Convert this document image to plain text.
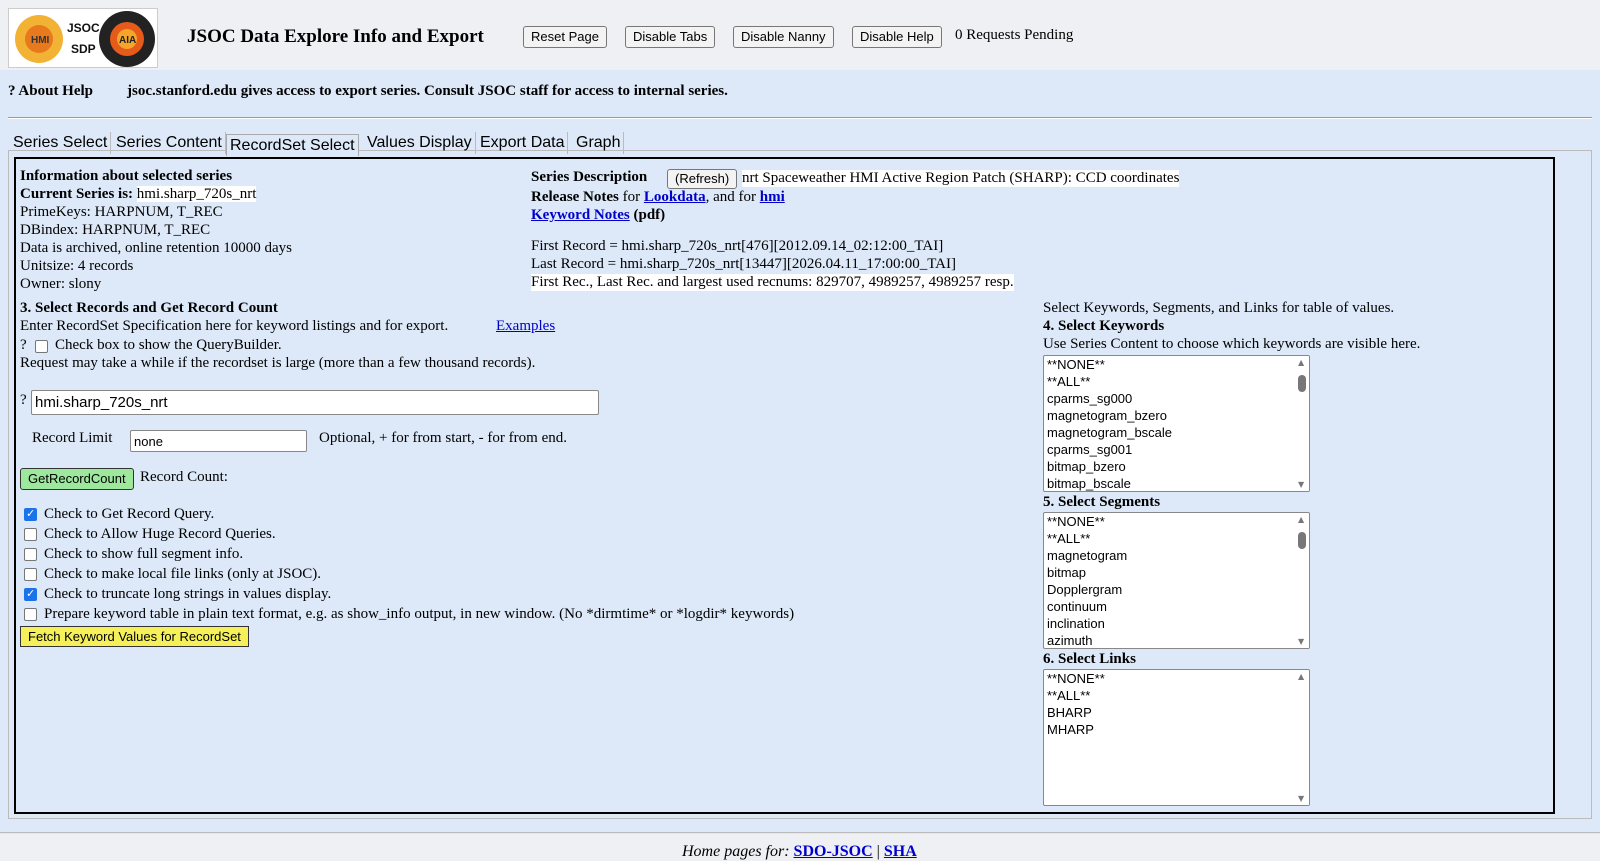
HMI
JSOC
SDP
AIA	JSOC Data Explore Info and Export	Reset Page	Disable Tabs	Disable Nanny	Disable Help	0 Requests Pending
? About Help jsoc.stanford.edu gives access to export series. Consult JSOC staff for access to internal series.
Series Select Series Content RecordSet Select Values Display Export Data Graph
Information about selected series
Current Series is: hmi.sharp_720s_nrt
PrimeKeys: HARPNUM, T_REC
DBindex: HARPNUM, T_REC
Data is archived, online retention 10000 days
Unitsize: 4 records
Owner: slony
Series Description	(Refresh) nrt Spaceweather HMI Active Region Patch (SHARP): CCD coordinates
Release Notes for Lookdata, and for hmi
Keyword Notes (pdf)
First Record = hmi.sharp_720s_nrt[476][2012.09.14_02:12:00_TAI]
Last Record = hmi.sharp_720s_nrt[13447][2026.04.11_17:00:00_TAI]
First Rec., Last Rec. and largest used recnums: 829707, 4989257, 4989257 resp.
3. Select Records and Get Record Count
Enter RecordSet Specification here for keyword listings and for export.	Examples
? Check box to show the QueryBuilder.
Request may take a while if the recordset is large (more than a few thousand records).
?
hmi.sharp_720s_nrt
Record Limit
none	Optional, + for from start, - for from end.
GetRecordCount Record Count:
✓
Check to Get Record Query.
Check to Allow Huge Record Queries.
Check to show full segment info.
Check to make local file links (only at JSOC).
✓
Check to truncate long strings in values display.
Prepare keyword table in plain text format, e.g. as show_info output, in new window. (No *dirmtime* or *logdir* keywords)
Fetch Keyword Values for RecordSet
Select Keywords, Segments, and Links for table of values.
4. Select Keywords
Use Series Content to choose which keywords are visible here.
**NONE**
**ALL**
cparms_sg000
magnetogram_bzero
magnetogram_bscale
cparms_sg001
bitmap_bzero
bitmap_bscale
▲
▼
5. Select Segments
**NONE**
**ALL**
magnetogram
bitmap
Dopplergram
continuum
inclination
azimuth
▲
▼
6. Select Links
**NONE**
**ALL**
BHARP
MHARP
▲
▼
Home pages for: SDO-JSOC | SHA
